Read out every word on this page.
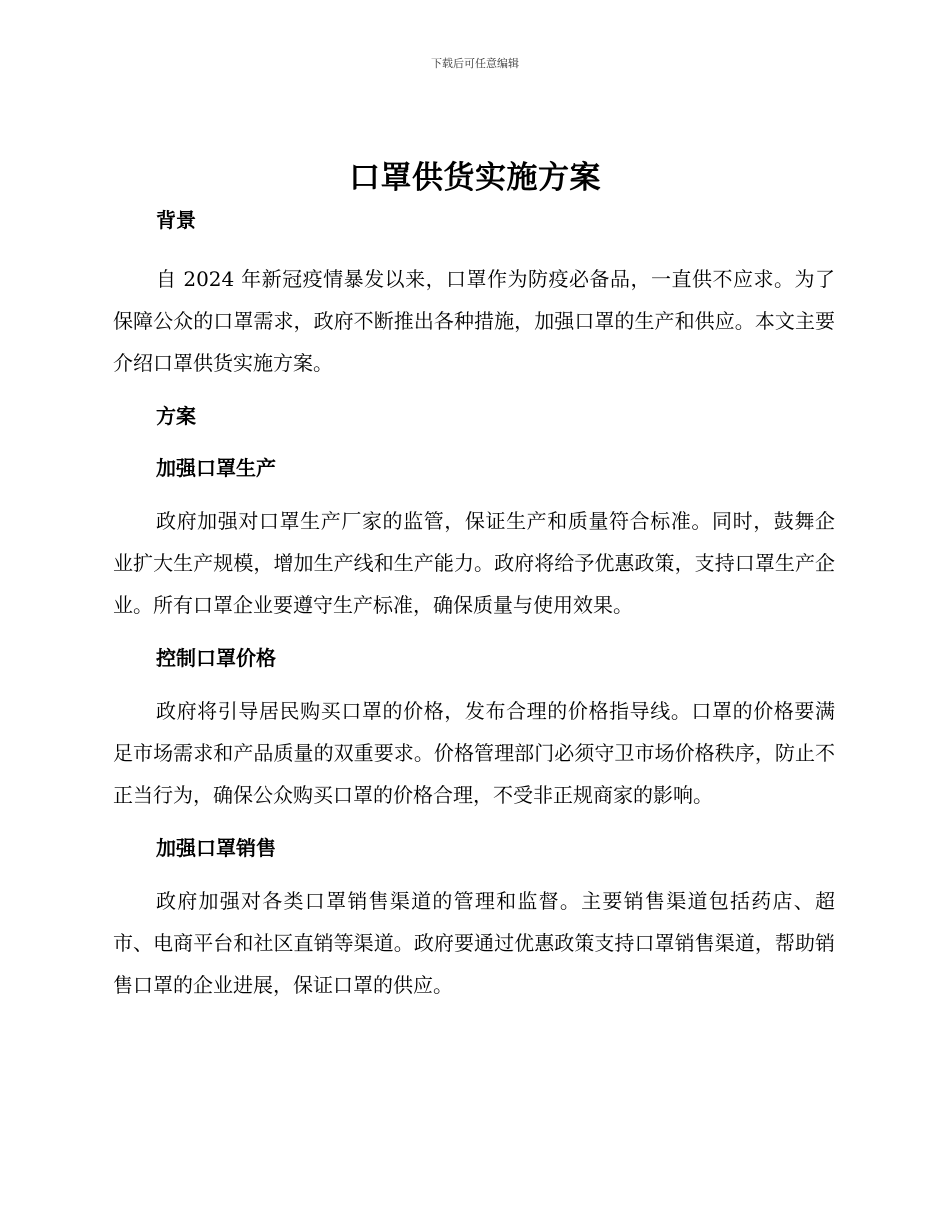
下载后可任意编辑
口罩供货实施方案

背景

自 2024 年新冠疫情暴发以来，口罩作为防疫必备品，一直供不应求。为了保障公众的口罩需求，政府不断推出各种措施，加强口罩的生产和供应。本文主要介绍口罩供货实施方案。

方案

加强口罩生产

政府加强对口罩生产厂家的监管，保证生产和质量符合标准。同时，鼓舞企业扩大生产规模，增加生产线和生产能力。政府将给予优惠政策，支持口罩生产企业。所有口罩企业要遵守生产标准，确保质量与使用效果。

控制口罩价格

政府将引导居民购买口罩的价格，发布合理的价格指导线。口罩的价格要满足市场需求和产品质量的双重要求。价格管理部门必须守卫市场价格秩序，防止不正当行为，确保公众购买口罩的价格合理，不受非正规商家的影响。

加强口罩销售

政府加强对各类口罩销售渠道的管理和监督。主要销售渠道包括药店、超市、电商平台和社区直销等渠道。政府要通过优惠政策支持口罩销售渠道，帮助销售口罩的企业进展，保证口罩的供应。
